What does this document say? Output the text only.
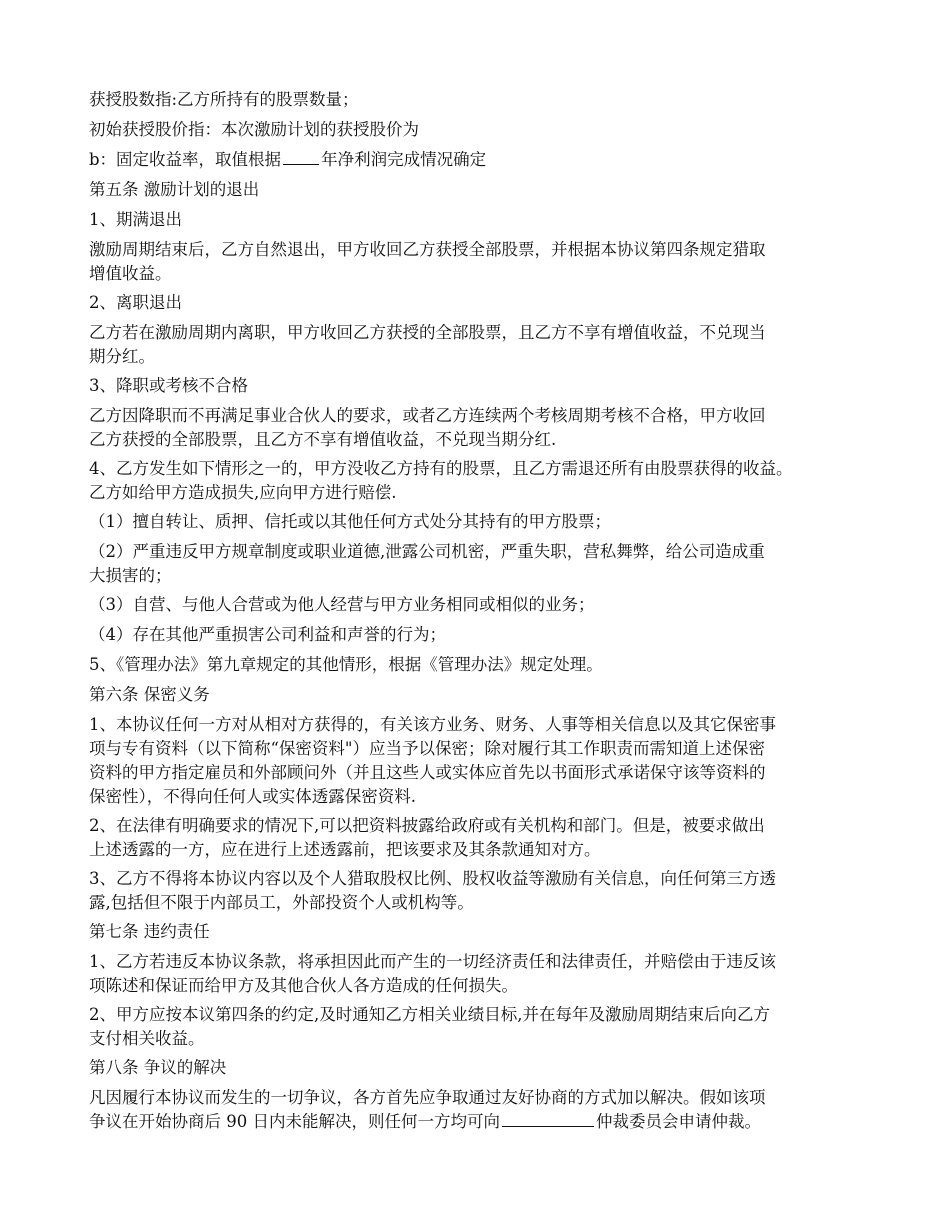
获授股数指:乙方所持有的股票数量；

初始获授股价指：本次激励计划的获授股价为

b：固定收益率，取值根据 年净利润完成情况确定

第五条 激励计划的退出

1、期满退出

激励周期结束后，乙方自然退出，甲方收回乙方获授全部股票，并根据本协议第四条规定猎取
增值收益。

2、离职退出

乙方若在激励周期内离职，甲方收回乙方获授的全部股票，且乙方不享有增值收益，不兑现当
期分红。

3、降职或考核不合格

乙方因降职而不再满足事业合伙人的要求，或者乙方连续两个考核周期考核不合格，甲方收回
乙方获授的全部股票，且乙方不享有增值收益，不兑现当期分红.

4、乙方发生如下情形之一的，甲方没收乙方持有的股票，且乙方需退还所有由股票获得的收益。
乙方如给甲方造成损失,应向甲方进行赔偿.

（1）擅自转让、质押、信托或以其他任何方式处分其持有的甲方股票；

（2）严重违反甲方规章制度或职业道德,泄露公司机密，严重失职，营私舞弊，给公司造成重
大损害的；

（3）自营、与他人合营或为他人经营与甲方业务相同或相似的业务；

（4）存在其他严重损害公司利益和声誉的行为；

5、《管理办法》第九章规定的其他情形，根据《管理办法》规定处理。

第六条 保密义务

1、本协议任何一方对从相对方获得的，有关该方业务、财务、人事等相关信息以及其它保密事
项与专有资料（以下简称“保密资料"）应当予以保密；除对履行其工作职责而需知道上述保密
资料的甲方指定雇员和外部顾问外（并且这些人或实体应首先以书面形式承诺保守该等资料的
保密性），不得向任何人或实体透露保密资料.

2、在法律有明确要求的情况下,可以把资料披露给政府或有关机构和部门。但是，被要求做出
上述透露的一方，应在进行上述透露前，把该要求及其条款通知对方。

3、乙方不得将本协议内容以及个人猎取股权比例、股权收益等激励有关信息，向任何第三方透
露,包括但不限于内部员工，外部投资个人或机构等。

第七条 违约责任

1、乙方若违反本协议条款，将承担因此而产生的一切经济责任和法律责任，并赔偿由于违反该
项陈述和保证而给甲方及其他合伙人各方造成的任何损失。

2、甲方应按本议第四条的约定,及时通知乙方相关业绩目标,并在每年及激励周期结束后向乙方
支付相关收益。

第八条 争议的解决

凡因履行本协议而发生的一切争议，各方首先应争取通过友好协商的方式加以解决。假如该项
争议在开始协商后 90 日内未能解决，则任何一方均可向	仲裁委员会申请仲裁。
